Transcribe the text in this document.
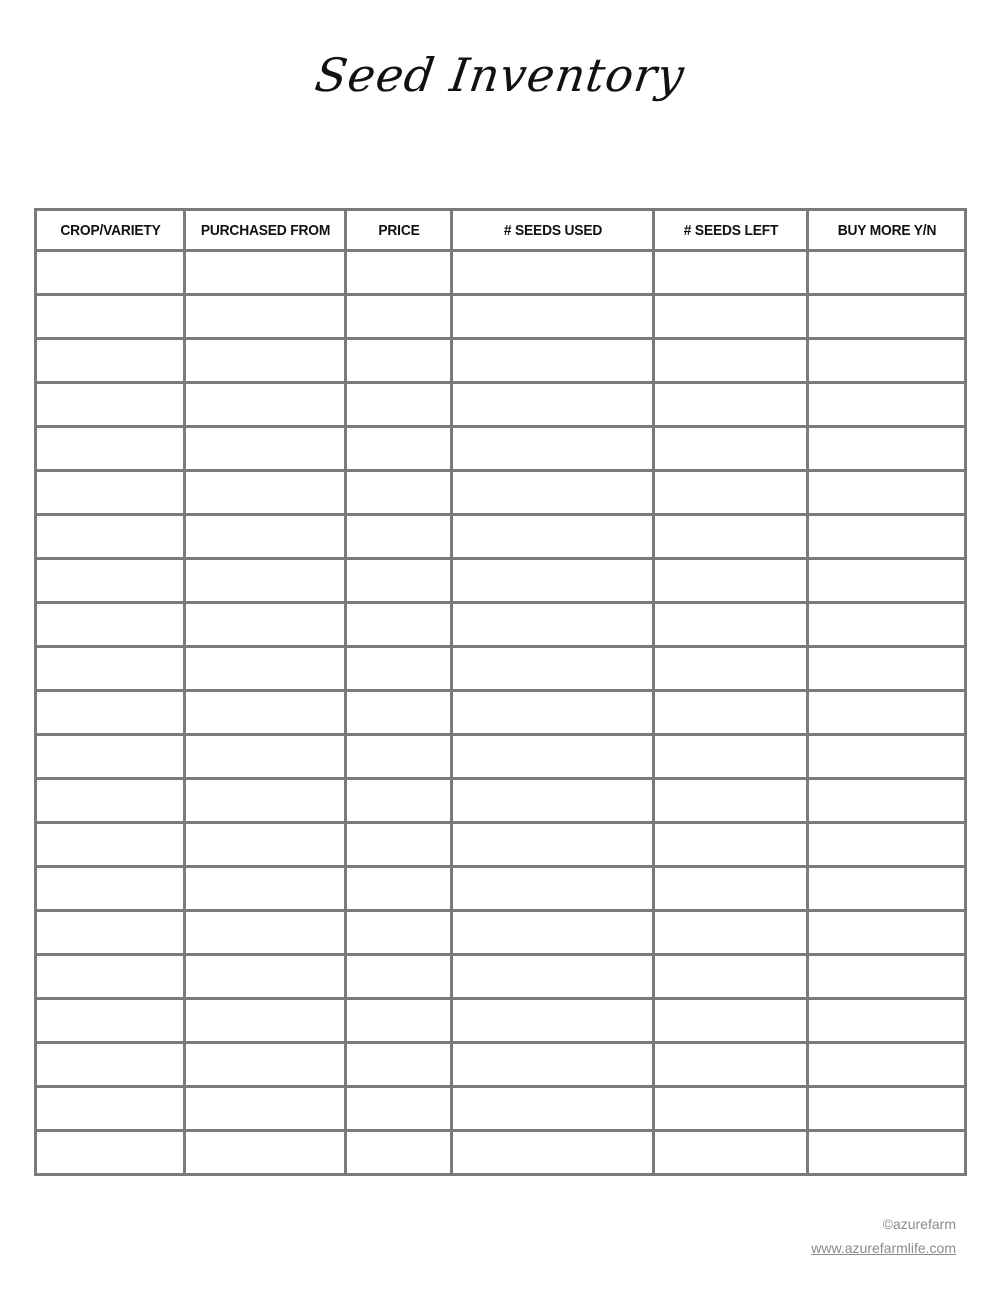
Seed Inventory
CROP/VARIETY	PURCHASED FROM	PRICE	# SEEDS USED	# SEEDS LEFT	BUY MORE Y/N

©azurefarm
www.azurefarmlife.com
